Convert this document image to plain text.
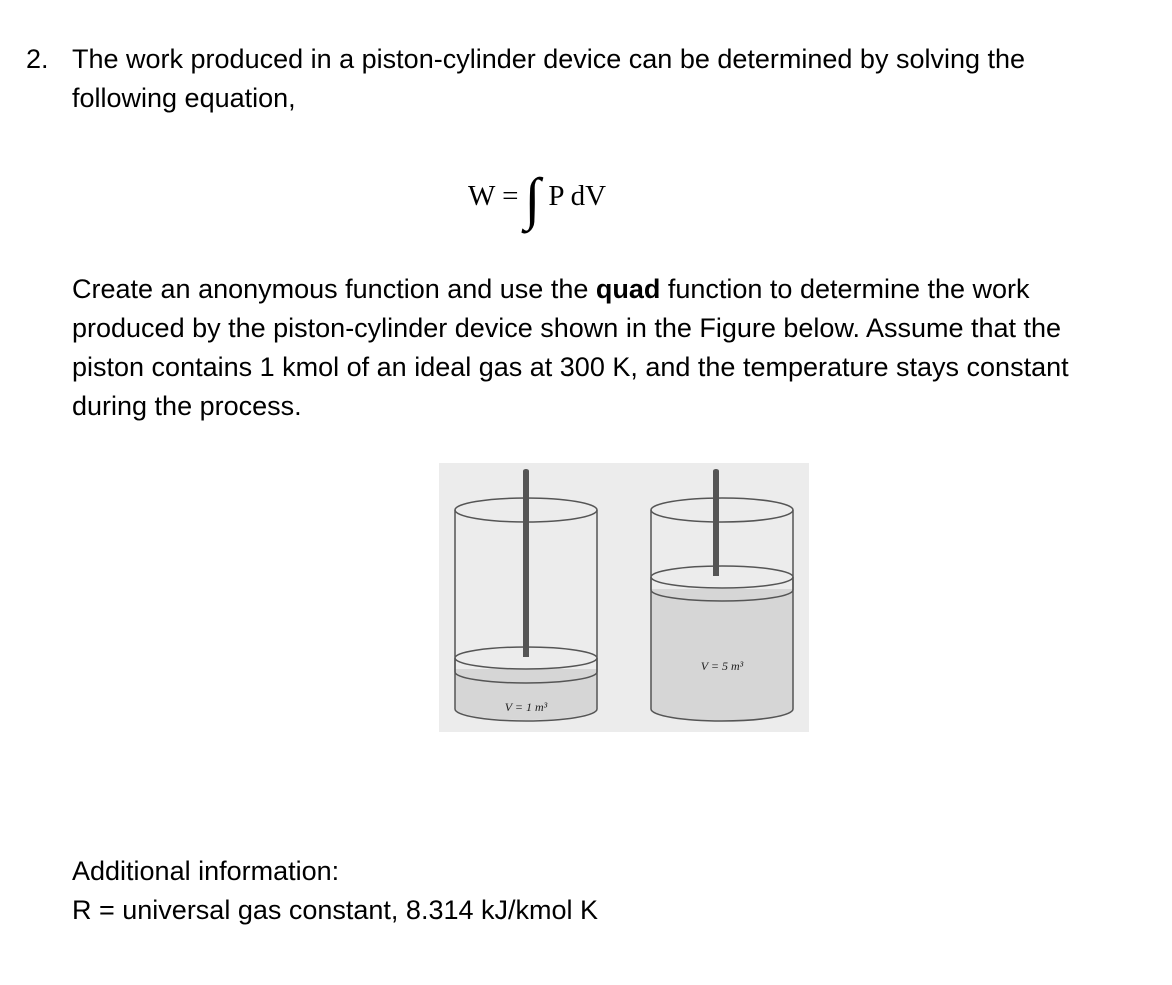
2. The work produced in a piston-cylinder device can be determined by solving the
following equation,
W = ∫ P dV
Create an anonymous function and use the quad function to determine the work
produced by the piston-cylinder device shown in the Figure below. Assume that the
piston contains 1 kmol of an ideal gas at 300 K, and the temperature stays constant
during the process.
V = 1 m³
V = 5 m³
Additional information:
R = universal gas constant, 8.314 kJ/kmol K
